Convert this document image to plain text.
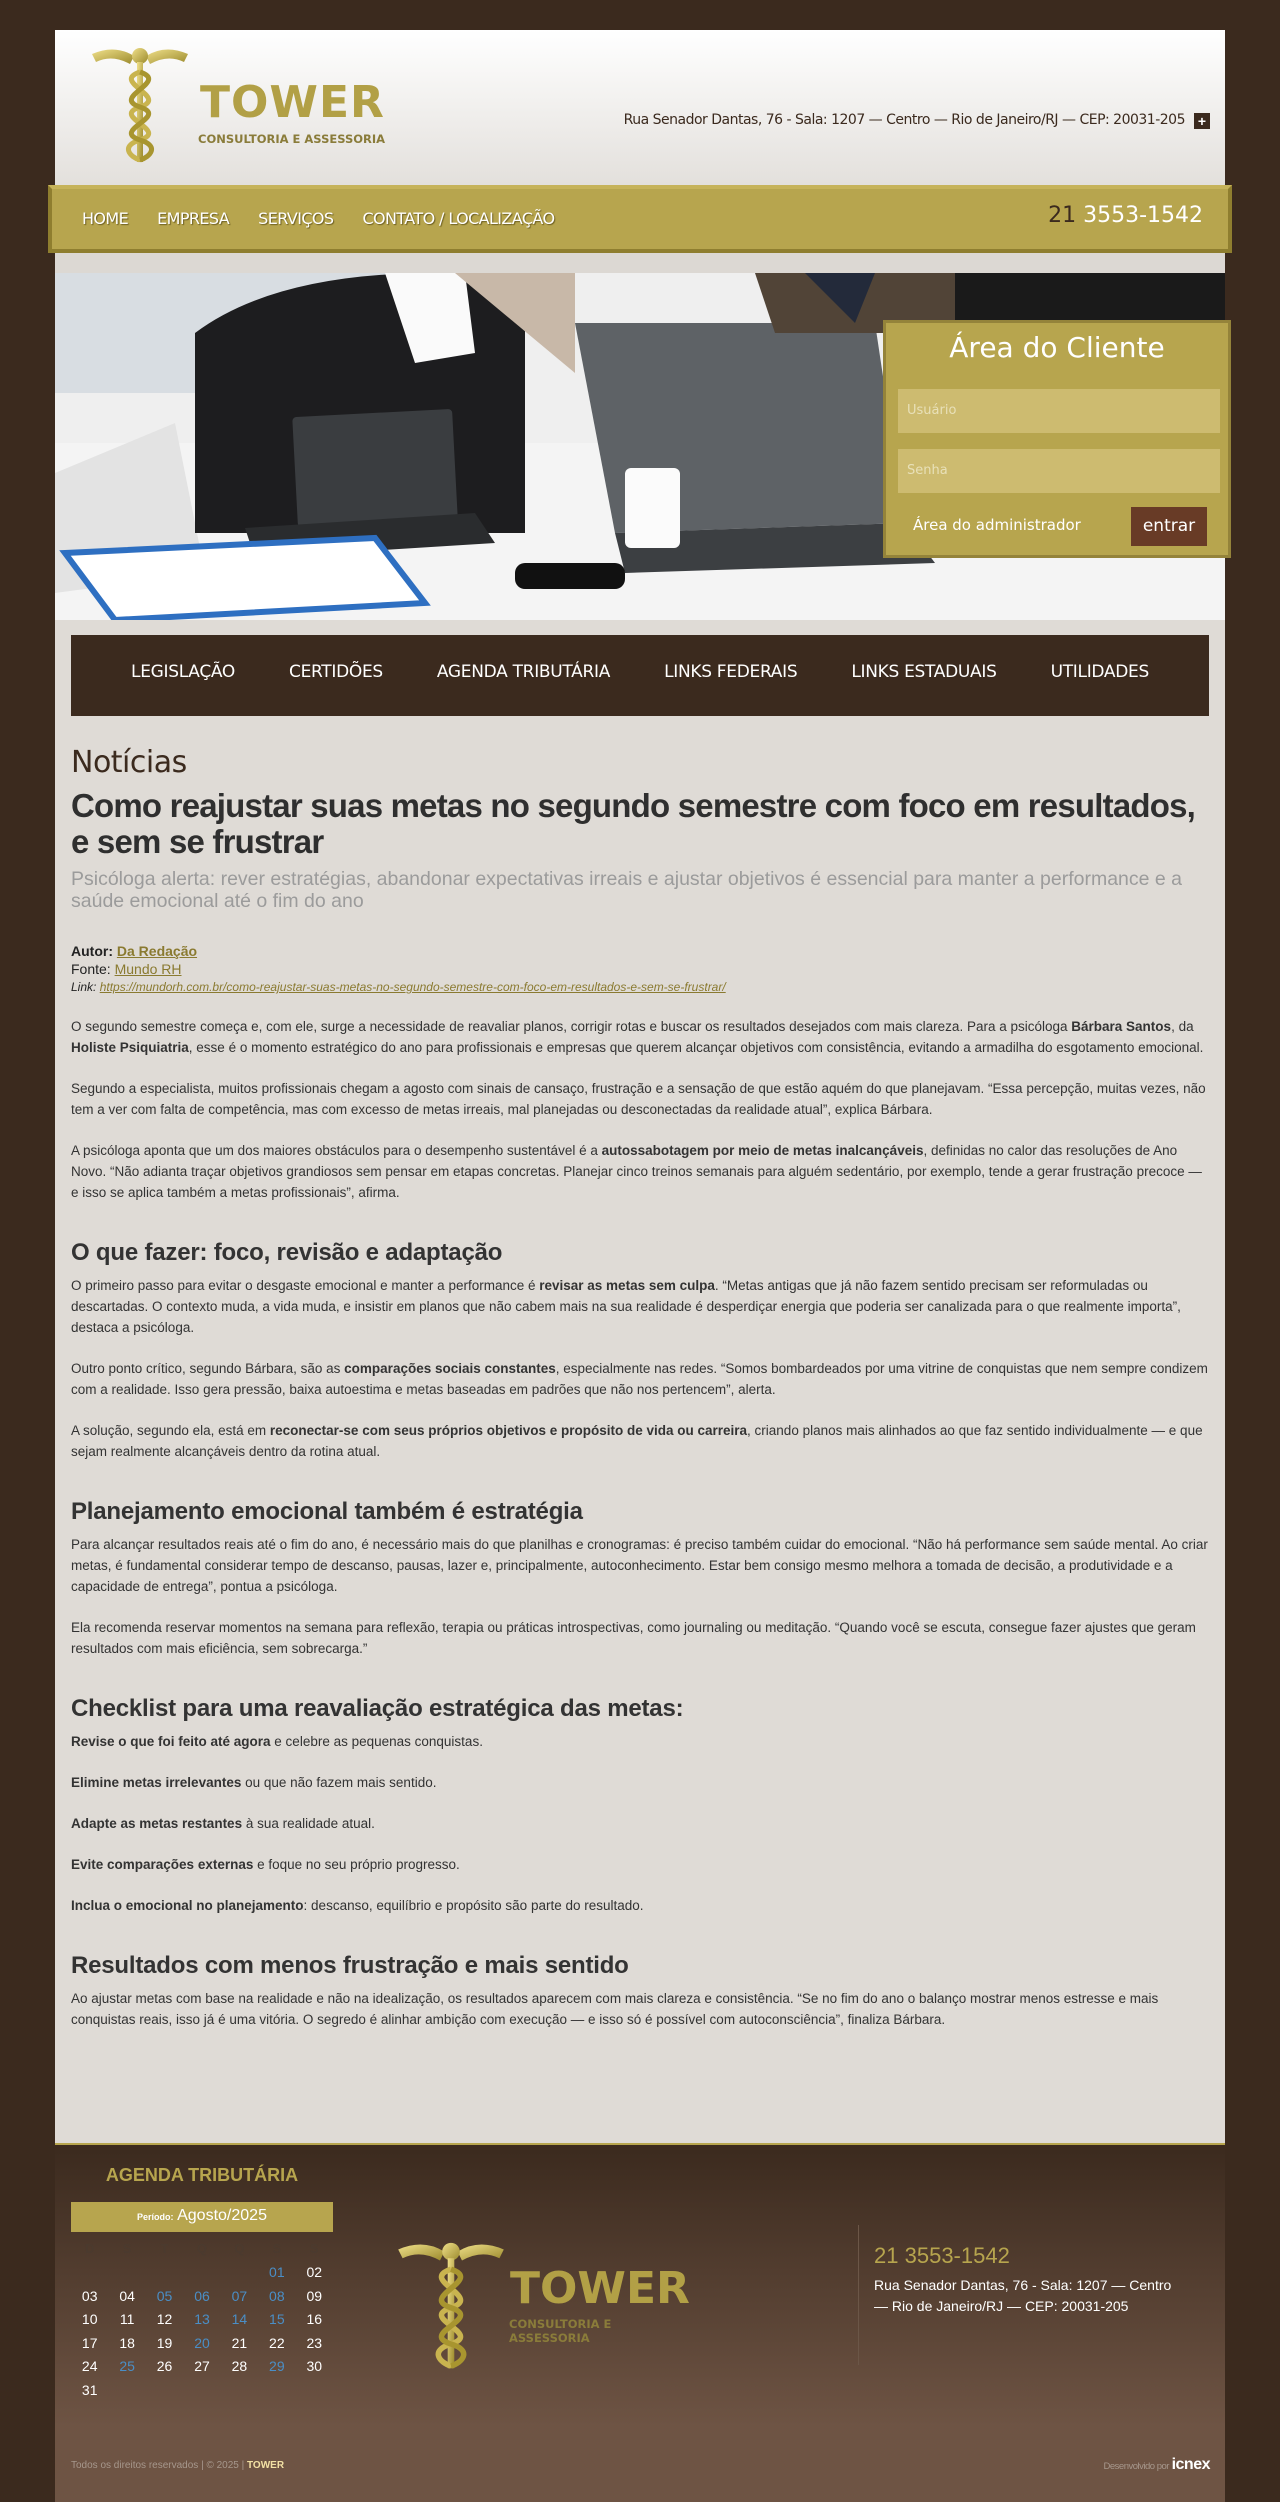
TOWER
CONSULTORIA E ASSESSORIA
Rua Senador Dantas, 76 - Sala: 1207 — Centro — Rio de Janeiro/RJ — CEP: 20031-205 +
HOME EMPRESA SERVIÇOS CONTATO / LOCALIZAÇÃO	21 3553-1542
Área do Cliente
Usuário
Senha
Área do administrador	entrar
LEGISLAÇÃO	CERTIDÕES	AGENDA TRIBUTÁRIA	LINKS FEDERAIS	LINKS ESTADUAIS	UTILIDADES
Notícias
Como reajustar suas metas no segundo semestre com foco em resultados, e sem se frustrar
Psicóloga alerta: rever estratégias, abandonar expectativas irreais e ajustar objetivos é essencial para manter a performance e a saúde emocional até o fim do ano
Autor: Da Redação
Fonte: Mundo RH
Link: https://mundorh.com.br/como-reajustar-suas-metas-no-segundo-semestre-com-foco-em-resultados-e-sem-se-frustrar/

O segundo semestre começa e, com ele, surge a necessidade de reavaliar planos, corrigir rotas e buscar os resultados desejados com mais clareza. Para a psicóloga Bárbara Santos, da Holiste Psiquiatria, esse é o momento estratégico do ano para profissionais e empresas que querem alcançar objetivos com consistência, evitando a armadilha do esgotamento emocional.

Segundo a especialista, muitos profissionais chegam a agosto com sinais de cansaço, frustração e a sensação de que estão aquém do que planejavam. “Essa percepção, muitas vezes, não tem a ver com falta de competência, mas com excesso de metas irreais, mal planejadas ou desconectadas da realidade atual”, explica Bárbara.

A psicóloga aponta que um dos maiores obstáculos para o desempenho sustentável é a autossabotagem por meio de metas inalcançáveis, definidas no calor das resoluções de Ano Novo. “Não adianta traçar objetivos grandiosos sem pensar em etapas concretas. Planejar cinco treinos semanais para alguém sedentário, por exemplo, tende a gerar frustração precoce — e isso se aplica também a metas profissionais”, afirma.

O que fazer: foco, revisão e adaptação

O primeiro passo para evitar o desgaste emocional e manter a performance é revisar as metas sem culpa. “Metas antigas que já não fazem sentido precisam ser reformuladas ou descartadas. O contexto muda, a vida muda, e insistir em planos que não cabem mais na sua realidade é desperdiçar energia que poderia ser canalizada para o que realmente importa”, destaca a psicóloga.

Outro ponto crítico, segundo Bárbara, são as comparações sociais constantes, especialmente nas redes. “Somos bombardeados por uma vitrine de conquistas que nem sempre condizem com a realidade. Isso gera pressão, baixa autoestima e metas baseadas em padrões que não nos pertencem”, alerta.

A solução, segundo ela, está em reconectar-se com seus próprios objetivos e propósito de vida ou carreira, criando planos mais alinhados ao que faz sentido individualmente — e que sejam realmente alcançáveis dentro da rotina atual.

Planejamento emocional também é estratégia

Para alcançar resultados reais até o fim do ano, é necessário mais do que planilhas e cronogramas: é preciso também cuidar do emocional. “Não há performance sem saúde mental. Ao criar metas, é fundamental considerar tempo de descanso, pausas, lazer e, principalmente, autoconhecimento. Estar bem consigo mesmo melhora a tomada de decisão, a produtividade e a capacidade de entrega”, pontua a psicóloga.

Ela recomenda reservar momentos na semana para reflexão, terapia ou práticas introspectivas, como journaling ou meditação. “Quando você se escuta, consegue fazer ajustes que geram resultados com mais eficiência, sem sobrecarga.”

Checklist para uma reavaliação estratégica das metas:

Revise o que foi feito até agora e celebre as pequenas conquistas.

Elimine metas irrelevantes ou que não fazem mais sentido.

Adapte as metas restantes à sua realidade atual.

Evite comparações externas e foque no seu próprio progresso.

Inclua o emocional no planejamento: descanso, equilíbrio e propósito são parte do resultado.

Resultados com menos frustração e mais sentido

Ao ajustar metas com base na realidade e não na idealização, os resultados aparecem com mais clareza e consistência. “Se no fim do ano o balanço mostrar menos estresse e mais conquistas reais, isso já é uma vitória. O segredo é alinhar ambição com execução — e isso só é possível com autoconsciência”, finaliza Bárbara.

AGENDA TRIBUTÁRIA
Período: Agosto/2025
D	S	T	Q	Q	S	S
					01	02
03	04	05	06	07	08	09
10	11	12	13	14	15	16
17	18	19	20	21	22	23
24	25	26	27	28	29	30
31						
TOWER
CONSULTORIA E ASSESSORIA
21 3553-1542
Rua Senador Dantas, 76 - Sala: 1207 — Centro — Rio de Janeiro/RJ — CEP: 20031-205
Todos os direitos reservados | © 2025 | TOWER	Desenvolvido por icnex
